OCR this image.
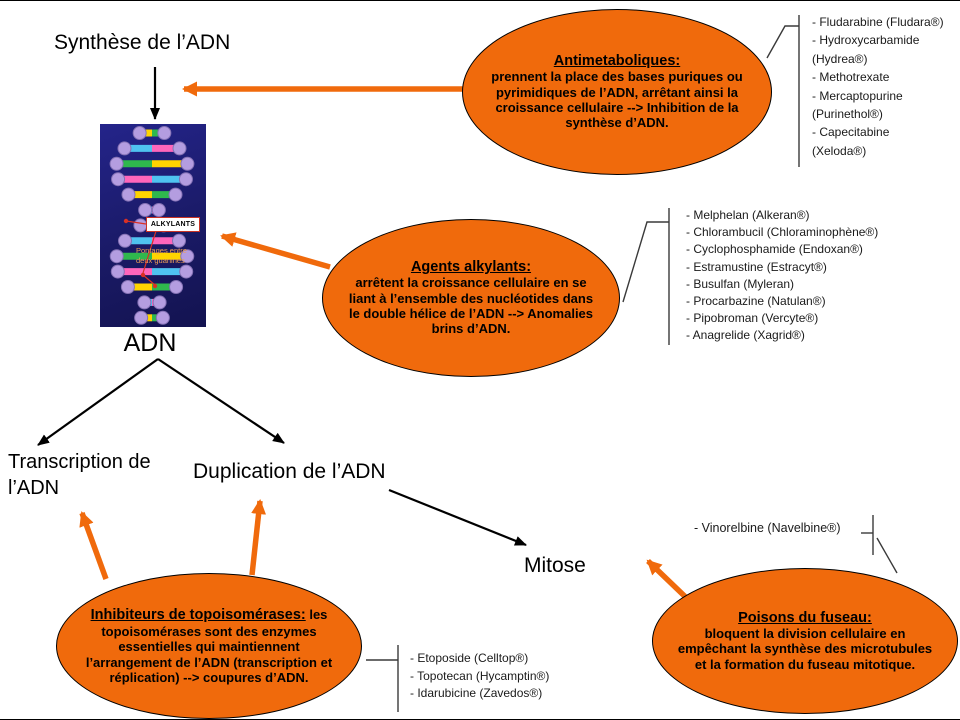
Synthèse de l’ADN
ADN
Transcription de l’ADN
Duplication de l’ADN
Mitose
ALKYLANTS
Pontages entre deux guanines
Antimetaboliques:
prennent la place des bases puriques ou pyrimidiques de l’ADN, arrêtant ainsi la croissance cellulaire --> Inhibition de la synthèse d’ADN.
Agents alkylants:
arrêtent la croissance cellulaire en se liant à l’ensemble des nucléotides dans le double hélice de l’ADN --> Anomalies brins d’ADN.
Inhibiteurs de topoisomérases: les topoisomérases sont des enzymes essentielles qui maintiennent l’arrangement de l’ADN (transcription et réplication) --> coupures d’ADN.
Poisons du fuseau:
bloquent la division cellulaire en empêchant la synthèse des microtubules et la formation du fuseau mitotique.
- Fludarabine (Fludara®)
- Hydroxycarbamide (Hydrea®)
- Methotrexate
- Mercaptopurine (Purinethol®)
- Capecitabine (Xeloda®)
- Melphelan (Alkeran®)
- Chlorambucil (Chloraminophène®)
- Cyclophosphamide (Endoxan®)
- Estramustine (Estracyt®)
- Busulfan (Myleran)
- Procarbazine (Natulan®)
- Pipobroman (Vercyte®)
- Anagrelide (Xagrid®)
- Etoposide (Celltop®)
- Topotecan (Hycamptin®)
- Idarubicine (Zavedos®)
- Vinorelbine (Navelbine®)
